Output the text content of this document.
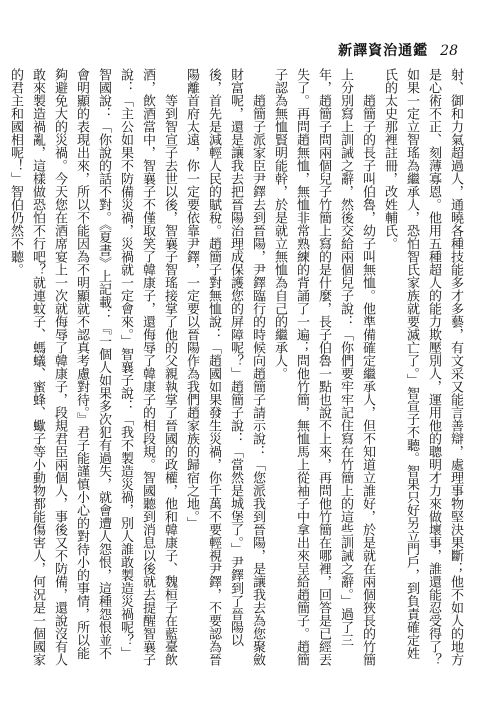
新譯資治通鑑 28

射、御和力氣超過人，通曉各種技能多才多藝，有文采又能言善辯，處理事物堅決果斷；他不如人的地方是心術不正、刻薄寡恩。他用五種超人的能力欺壓別人，運用他的聰明才力來做壞事，誰還能忍受得了？如果一定立智瑤為繼承人，恐怕智氏家族就要滅亡了。」智宣子不聽。智果只好另立門戶，到負責確定姓氏的太史那裡註冊，改姓輔氏。

趙簡子的長子叫伯魯，幼子叫無恤。他準備確定繼承人，但不知道立誰好，於是就在兩個狹長的竹簡上分別寫上訓誡之辭，然後交給兩個兒子說：「你們要牢牢記住寫在竹簡上的這些訓誡之辭。」過了三年，趙簡子問兩個兒子竹簡上寫的是什麼，長子伯魯一點也說不上來，再問他竹簡在哪裡，回答是已經丟失了。再問趙無恤，無恤非常熟練的背誦了一遍；問他竹簡，無恤馬上從袖子中拿出來呈給趙簡子。趙簡子認為無恤賢明能幹，於是就立無恤為自己的繼承人。

趙簡子派家臣尹鐸去到晉陽，尹鐸臨行的時候向趙簡子請示說：「您派我到晉陽，是讓我去為您聚斂財富呢，還是讓我去把晉陽治理成保護您的屏障呢？」趙簡子說：「當然是城堡了。」尹鐸到了晉陽以後，首先是減輕人民的賦稅。趙簡子對無恤說：「趙國如果發生災禍，你千萬不要輕視尹鐸，不要認為晉陽離首府太遠，你一定要依靠尹鐸，一定要以晉陽作為我們趙家族的歸宿之地。」

等到智宣子去世以後，智襄子智瑤接掌了他的父親執掌了晉國的政權，他和韓康子、魏桓子在藍臺飲酒，飲酒當中，智襄子不僅取笑了韓康子，還侮辱了韓康子的相段規。智國聽到消息以後就去提醒智襄子說：「主公如果不防備災禍，災禍就一定會來。」智襄子說：「我不製造災禍，別人誰敢製造災禍呢？」智國說：「你說的話不對。《夏書》上記載：『一個人如果多次犯有過失，就會遭人怨恨，這種怨恨並不會明顯的表現出來，所以不能因為不明顯就不認真考慮對待。』君子能謹慎小心的對待小的事情，所以能夠避免大的災禍。今天您在酒席宴上一次就侮辱了韓康子，段規君臣兩個人，事後又不防備，還說沒有人敢來製造禍亂，這樣做恐怕不行吧？就連蚊子、螞蟻、蜜蜂、蠍子等小動物都能傷害人，何況是一個國家的君主和國相呢！」智伯仍然不聽。
